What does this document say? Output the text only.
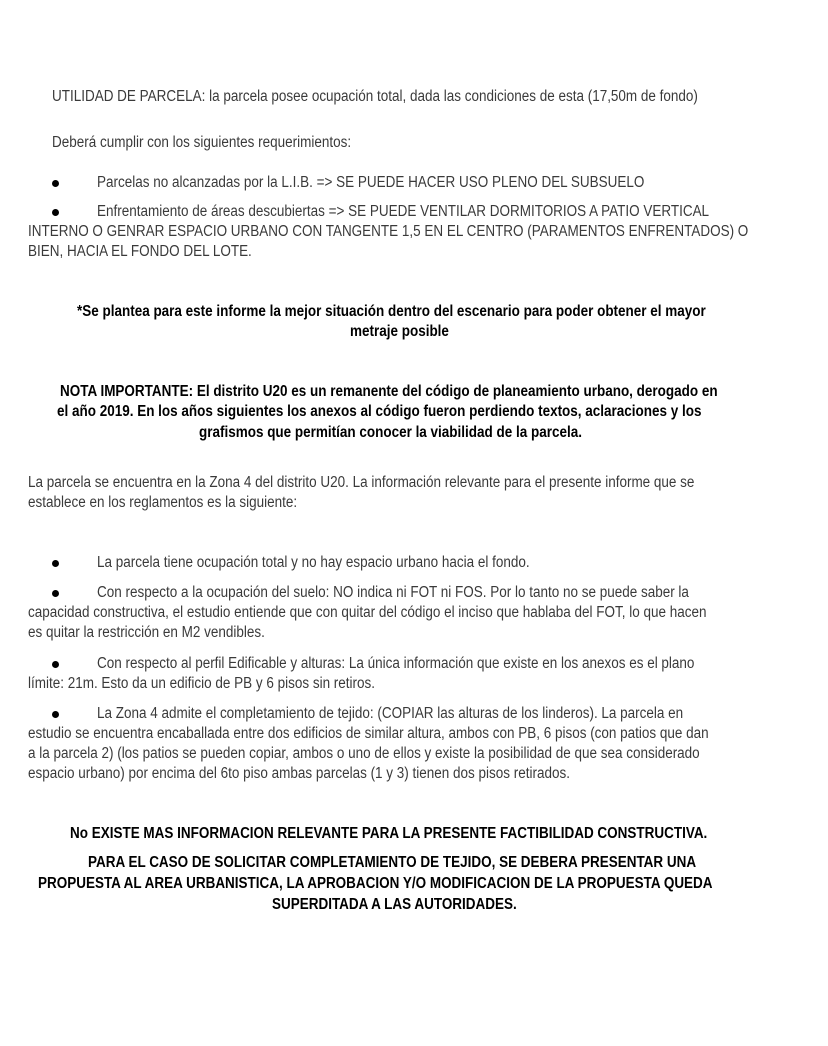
UTILIDAD DE PARCELA: la parcela posee ocupación total, dada las condiciones de esta (17,50m de fondo)

Deberá cumplir con los siguientes requerimientos:

Parcelas no alcanzadas por la L.I.B. => SE PUEDE HACER USO PLENO DEL SUBSUELO

Enfrentamiento de áreas descubiertas => SE PUEDE VENTILAR DORMITORIOS A PATIO VERTICAL

INTERNO O GENRAR ESPACIO URBANO CON TANGENTE 1,5 EN EL CENTRO (PARAMENTOS ENFRENTADOS) O

BIEN, HACIA EL FONDO DEL LOTE.

*Se plantea para este informe la mejor situación dentro del escenario para poder obtener el mayor

metraje posible

NOTA IMPORTANTE: El distrito U20 es un remanente del código de planeamiento urbano, derogado en

el año 2019. En los años siguientes los anexos al código fueron perdiendo textos, aclaraciones y los

grafismos que permitían conocer la viabilidad de la parcela.

La parcela se encuentra en la Zona 4 del distrito U20. La información relevante para el presente informe que se

establece en los reglamentos es la siguiente:

La parcela tiene ocupación total y no hay espacio urbano hacia el fondo.

Con respecto a la ocupación del suelo: NO indica ni FOT ni FOS. Por lo tanto no se puede saber la

capacidad constructiva, el estudio entiende que con quitar del código el inciso que hablaba del FOT, lo que hacen

es quitar la restricción en M2 vendibles.

Con respecto al perfil Edificable y alturas: La única información que existe en los anexos es el plano

límite: 21m. Esto da un edificio de PB y 6 pisos sin retiros.

La Zona 4 admite el completamiento de tejido: (COPIAR las alturas de los linderos). La parcela en

estudio se encuentra encaballada entre dos edificios de similar altura, ambos con PB, 6 pisos (con patios que dan

a la parcela 2) (los patios se pueden copiar, ambos o uno de ellos y existe la posibilidad de que sea considerado

espacio urbano) por encima del 6to piso ambas parcelas (1 y 3) tienen dos pisos retirados.

No EXISTE MAS INFORMACION RELEVANTE PARA LA PRESENTE FACTIBILIDAD CONSTRUCTIVA.

PARA EL CASO DE SOLICITAR COMPLETAMIENTO DE TEJIDO, SE DEBERA PRESENTAR UNA

PROPUESTA AL AREA URBANISTICA, LA APROBACION Y/O MODIFICACION DE LA PROPUESTA QUEDA

SUPERDITADA A LAS AUTORIDADES.
